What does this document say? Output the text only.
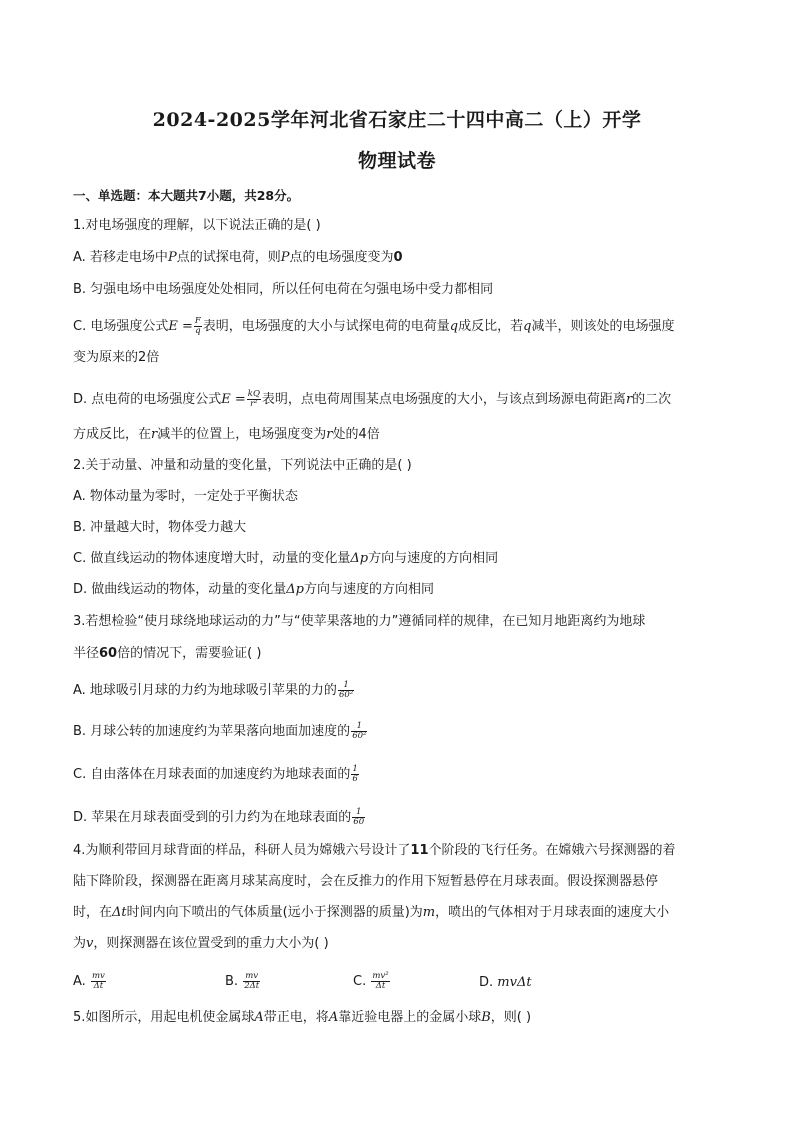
2024-2025学年河北省石家庄二十四中高二（上）开学
物理试卷
一、单选题：本大题共7小题，共28分。
1.对电场强度的理解，以下说法正确的是( )
A. 若移走电场中P点的试探电荷，则P点的电场强度变为0
B. 匀强电场中电场强度处处相同，所以任何电荷在匀强电场中受力都相同
C. 电场强度公式$E = \frac{F}{q}$ 表明，电场强度的大小与试探电荷的电荷量q成反比，若q减半，则该处的电场强度
变为原来的2倍
D. 点电荷的电场强度公式$E = \frac{kQ}{\text{r²}}$ 表明，点电荷周围某点电场强度的大小，与该点到场源电荷距离r的二次
方成反比，在r减半的位置上，电场强度变为r处的4倍
2.关于动量、冲量和动量的变化量，下列说法中正确的是( )
A. 物体动量为零时，一定处于平衡状态
B. 冲量越大时，物体受力越大
C. 做直线运动的物体速度增大时，动量的变化量Δp方向与速度的方向相同
D. 做曲线运动的物体，动量的变化量Δp方向与速度的方向相同
3.若想检验“使月球绕地球运动的力”与“使苹果落地的力”遵循同样的规律，在已知月地距离约为地球
半径60倍的情况下，需要验证( )
A. 地球吸引月球的力约为地球吸引苹果的力的 $\frac{1}{\text{60²}}$
B. 月球公转的加速度约为苹果落向地面加速度的 $\frac{1}{\text{60²}}$
C. 自由落体在月球表面的加速度约为地球表面的 $\frac{1}{6}$
D. 苹果在月球表面受到的引力约为在地球表面的 $\frac{1}{60}$
4.为顺利带回月球背面的样品，科研人员为嫦娥六号设计了11个阶段的飞行任务。在嫦娥六号探测器的着
陆下降阶段，探测器在距离月球某高度时，会在反推力的作用下短暂悬停在月球表面。假设探测器悬停
时，在Δt时间内向下喷出的气体质量(远小于探测器的质量)为m，喷出的气体相对于月球表面的速度大小
为v，则探测器在该位置受到的重力大小为( )
A. $\frac{mv}{\Delta t}$	B. $\frac{mv}{2\Delta t}$	C. $\frac{\text{mv²}}{\Delta t}$	D. mvΔt
5.如图所示，用起电机使金属球A带正电，将A靠近验电器上的金属小球B，则( )
